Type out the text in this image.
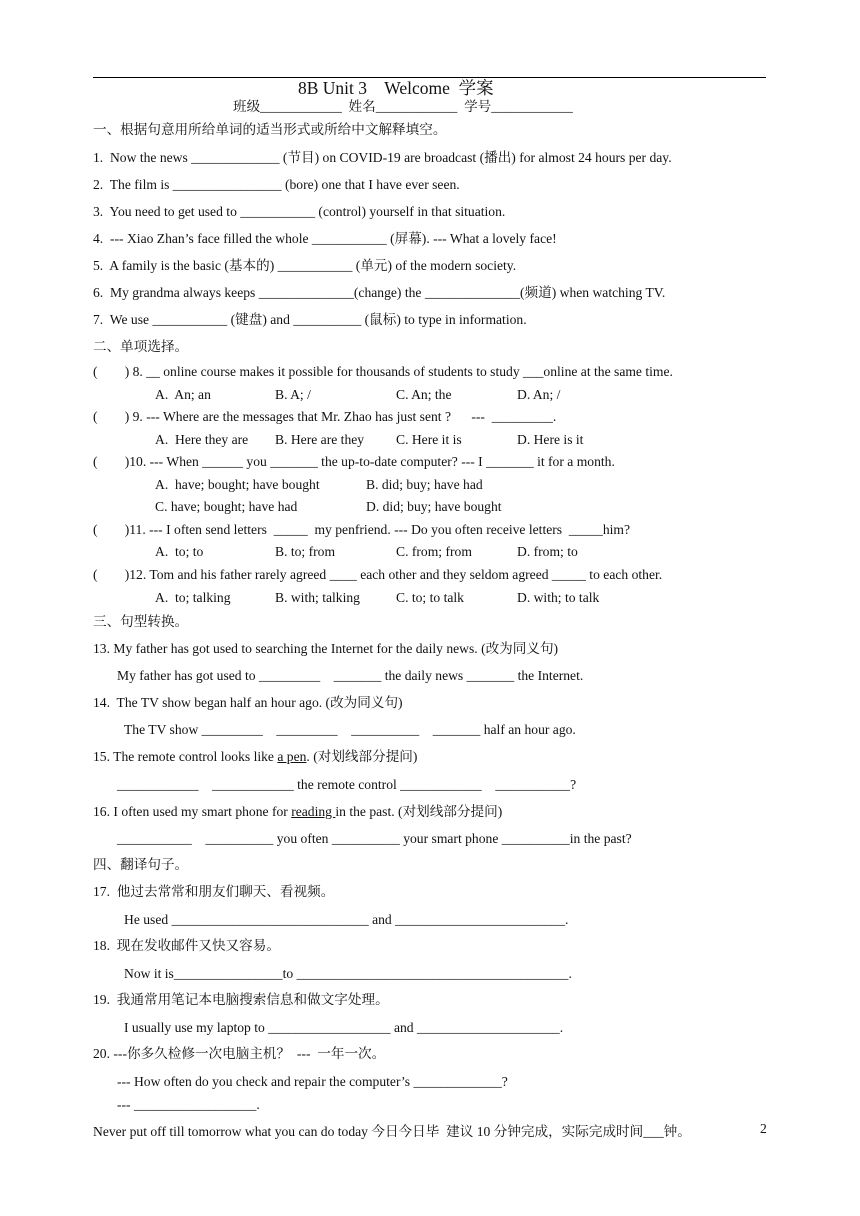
8B Unit 3    Welcome  学案
班级____________  姓名____________  学号____________
一、根据句意用所给单词的适当形式或所给中文解释填空。
1.  Now the news _____________ (节目) on COVID-19 are broadcast (播出) for almost 24 hours per day.
2.  The film is ________________ (bore) one that I have ever seen.
3.  You need to get used to ___________ (control) yourself in that situation.
4.  --- Xiao Zhan’s face filled the whole ___________ (屏幕). --- What a lovely face!
5.  A family is the basic (基本的) ___________ (单元) of the modern society.
6.  My grandma always keeps ______________(change) the ______________(频道) when watching TV.
7.  We use ___________ (键盘) and __________ (鼠标) to type in information.
二、单项选择。
(        ) 8. __ online course makes it possible for thousands of students to study ___online at the same time.
A.  An; an	B. A; /	C. An; the	D. An; /
(        ) 9. --- Where are the messages that Mr. Zhao has just sent ?      ---  _________.
A.  Here they are B. Here are they C. Here it is	D. Here is it
(        )10. --- When ______ you _______ the up-to-date computer? --- I _______ it for a month.
A.  have; bought; have bought	B. did; buy; have had
C. have; bought; have had	D. did; buy; have bought
(        )11. --- I often send letters  _____  my penfriend. --- Do you often receive letters  _____him?
A.  to; to	B. to; from	C. from; from	D. from; to
(        )12. Tom and his father rarely agreed ____ each other and they seldom agreed _____ to each other.
A.  to; talking	B. with; talking	C. to; to talk	D. with; to talk
三、句型转换。
13. My father has got used to searching the Internet for the daily news. (改为同义句)
My father has got used to _________    _______ the daily news _______ the Internet.
14.  The TV show began half an hour ago. (改为同义句)
The TV show _________    _________    __________    _______ half an hour ago.
15. The remote control looks like a pen. (对划线部分提问)
____________    ____________ the remote control ____________    ___________?
16. I often used my smart phone for reading in the past. (对划线部分提问)
___________    __________ you often __________ your smart phone __________in the past?
四、翻译句子。
17.  他过去常常和朋友们聊天、看视频。
He used _____________________________ and _________________________.
18.  现在发收邮件又快又容易。
Now it is________________to ________________________________________.
19.  我通常用笔记本电脑搜索信息和做文字处理。
I usually use my laptop to __________________ and _____________________.
20. ---你多久检修一次电脑主机？  ---  一年一次。
--- How often do you check and repair the computer’s _____________?
--- __________________.
Never put off till tomorrow what you can do today 今日今日毕  建议 10 分钟完成，实际完成时间___钟。	2
